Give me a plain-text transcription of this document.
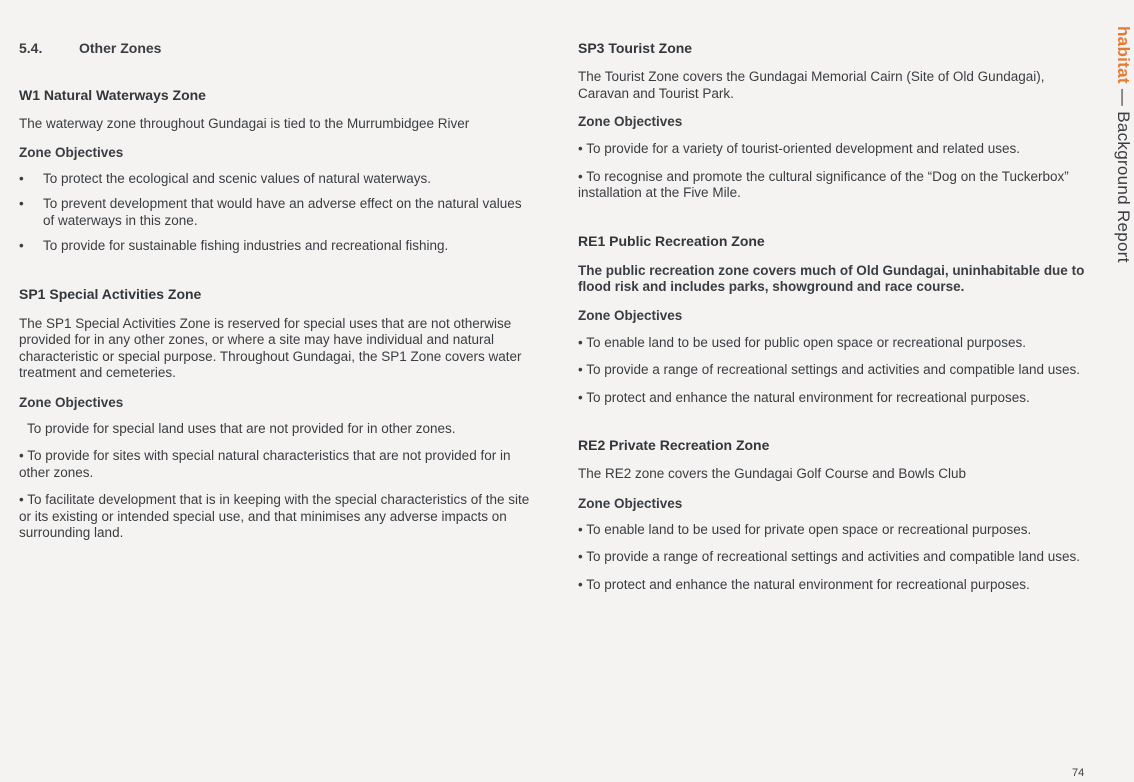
5.4.	Other Zones
W1 Natural Waterways Zone

The waterway zone throughout Gundagai is tied to the Murrumbidgee River

Zone Objectives
• To protect the ecological and scenic values of natural waterways.
• To prevent development that would have an adverse effect on the natural values of waterways in this zone.
• To provide for sustainable fishing industries and recreational fishing.
SP1 Special Activities Zone

The SP1 Special Activities Zone is reserved for special uses that are not otherwise provided for in any other zones, or where a site may have individual and natural characteristic or special purpose. Throughout Gundagai, the SP1 Zone covers water treatment and cemeteries.

Zone Objectives

To provide for special land uses that are not provided for in other zones.

• To provide for sites with special natural characteristics that are not provided for in other zones.

• To facilitate development that is in keeping with the special characteristics of the site or its existing or intended special use, and that minimises any adverse impacts on surrounding land.

SP3 Tourist Zone

The Tourist Zone covers the Gundagai Memorial Cairn (Site of Old Gundagai), Caravan and Tourist Park.

Zone Objectives

• To provide for a variety of tourist-oriented development and related uses.

• To recognise and promote the cultural significance of the “Dog on the Tuckerbox” installation at the Five Mile.

RE1 Public Recreation Zone

The public recreation zone covers much of Old Gundagai, uninhabitable due to flood risk and includes parks, showground and race course.

Zone Objectives

• To enable land to be used for public open space or recreational purposes.

• To provide a range of recreational settings and activities and compatible land uses.

• To protect and enhance the natural environment for recreational purposes.

RE2 Private Recreation Zone

The RE2 zone covers the Gundagai Golf Course and Bowls Club

Zone Objectives

• To enable land to be used for private open space or recreational purposes.

• To provide a range of recreational settings and activities and compatible land uses.

• To protect and enhance the natural environment for recreational purposes.

habitat — Background Report
74
